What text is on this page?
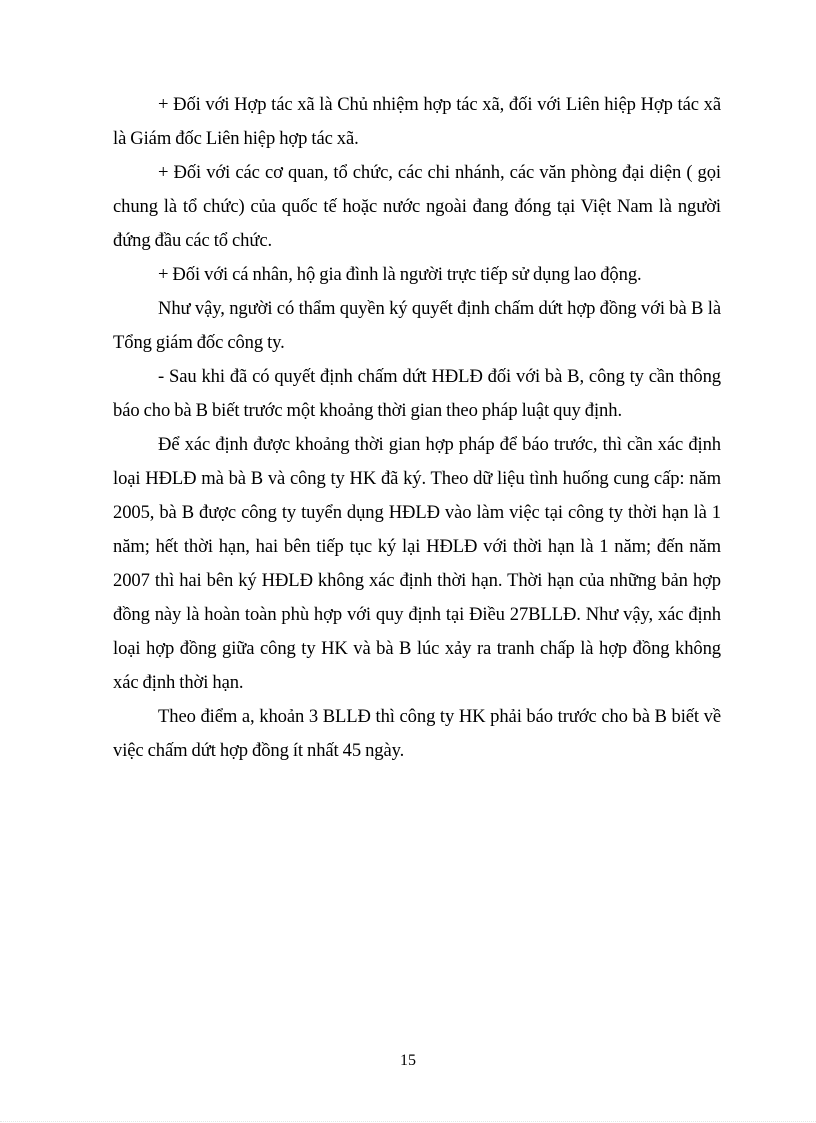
+ Đối với Hợp tác xã là Chủ nhiệm hợp tác xã, đối với Liên hiệp Hợp tác xã là Giám đốc Liên hiệp hợp tác xã.

+ Đối với các cơ quan, tổ chức, các chi nhánh, các văn phòng đại diện ( gọi chung là tổ chức) của quốc tế hoặc nước ngoài đang đóng tại Việt Nam là người đứng đầu các tổ chức.

+ Đối với cá nhân, hộ gia đình là người trực tiếp sử dụng lao động.

Như vậy, người có thẩm quyền ký quyết định chấm dứt hợp đồng với bà B là Tổng giám đốc công ty.

- Sau khi đã có quyết định chấm dứt HĐLĐ đối với bà B, công ty cần thông báo cho bà B biết trước một khoảng thời gian theo pháp luật quy định.

Để xác định được khoảng thời gian hợp pháp để báo trước, thì cần xác định loại HĐLĐ mà bà B và công ty HK đã ký. Theo dữ liệu tình huống cung cấp: năm 2005, bà B được công ty tuyển dụng HĐLĐ vào làm việc tại công ty thời hạn là 1 năm; hết thời hạn, hai bên tiếp tục ký lại HĐLĐ với thời hạn là 1 năm; đến năm 2007 thì hai bên ký HĐLĐ không xác định thời hạn. Thời hạn của những bản hợp đồng này là hoàn toàn phù hợp với quy định tại Điều 27BLLĐ. Như vậy, xác định loại hợp đồng giữa công ty HK và bà B lúc xảy ra tranh chấp là hợp đồng không xác định thời hạn.

Theo điểm a, khoản 3 BLLĐ thì công ty HK phải báo trước cho bà B biết về việc chấm dứt hợp đồng ít nhất 45 ngày.

15
